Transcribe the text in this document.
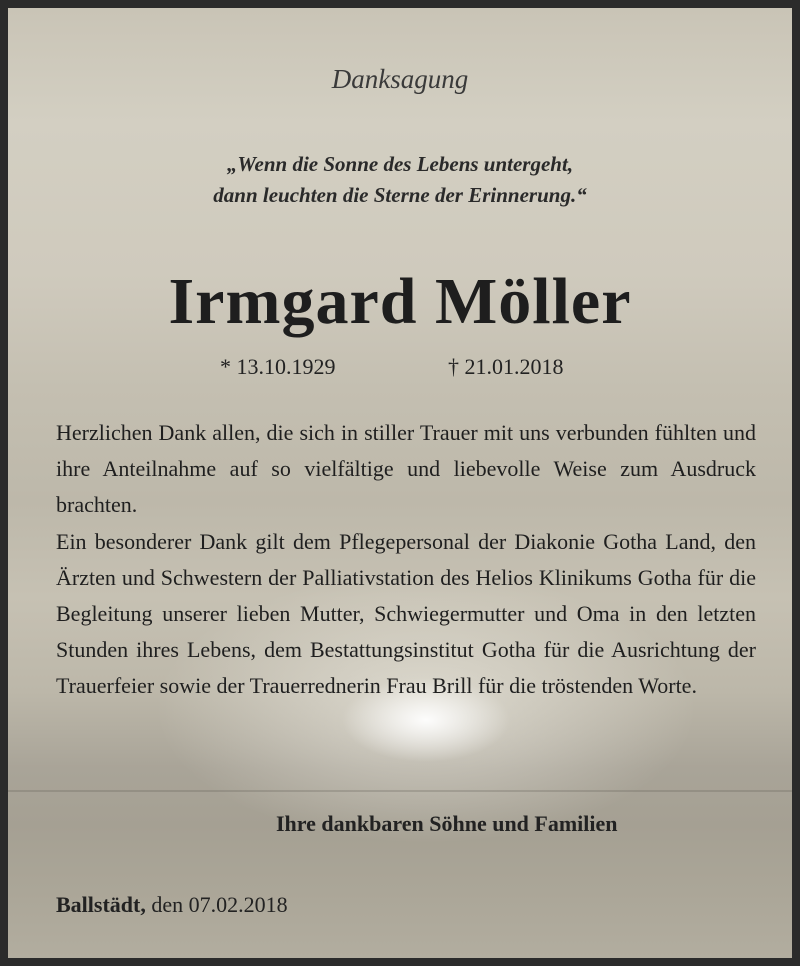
Danksagung
„Wenn die Sonne des Lebens untergeht,
dann leuchten die Sterne der Erinnerung.“
Irmgard Möller
* 13.10.1929	† 21.01.2018

Herzlichen Dank allen, die sich in stiller Trauer mit uns verbunden fühlten und ihre Anteilnahme auf so vielfältige und liebevolle Weise zum Ausdruck brachten.

Ein besonderer Dank gilt dem Pflegepersonal der Diakonie Gotha Land, den Ärzten und Schwestern der Palliativstation des Helios Klinikums Gotha für die Begleitung unserer lieben Mutter, Schwiegermutter und Oma in den letzten Stunden ihres Lebens, dem Bestattungsinstitut Gotha für die Ausrichtung der Trauerfeier sowie der Trauerrednerin Frau Brill für die tröstenden Worte.

Ihre dankbaren Söhne und Familien
Ballstädt, den 07.02.2018
